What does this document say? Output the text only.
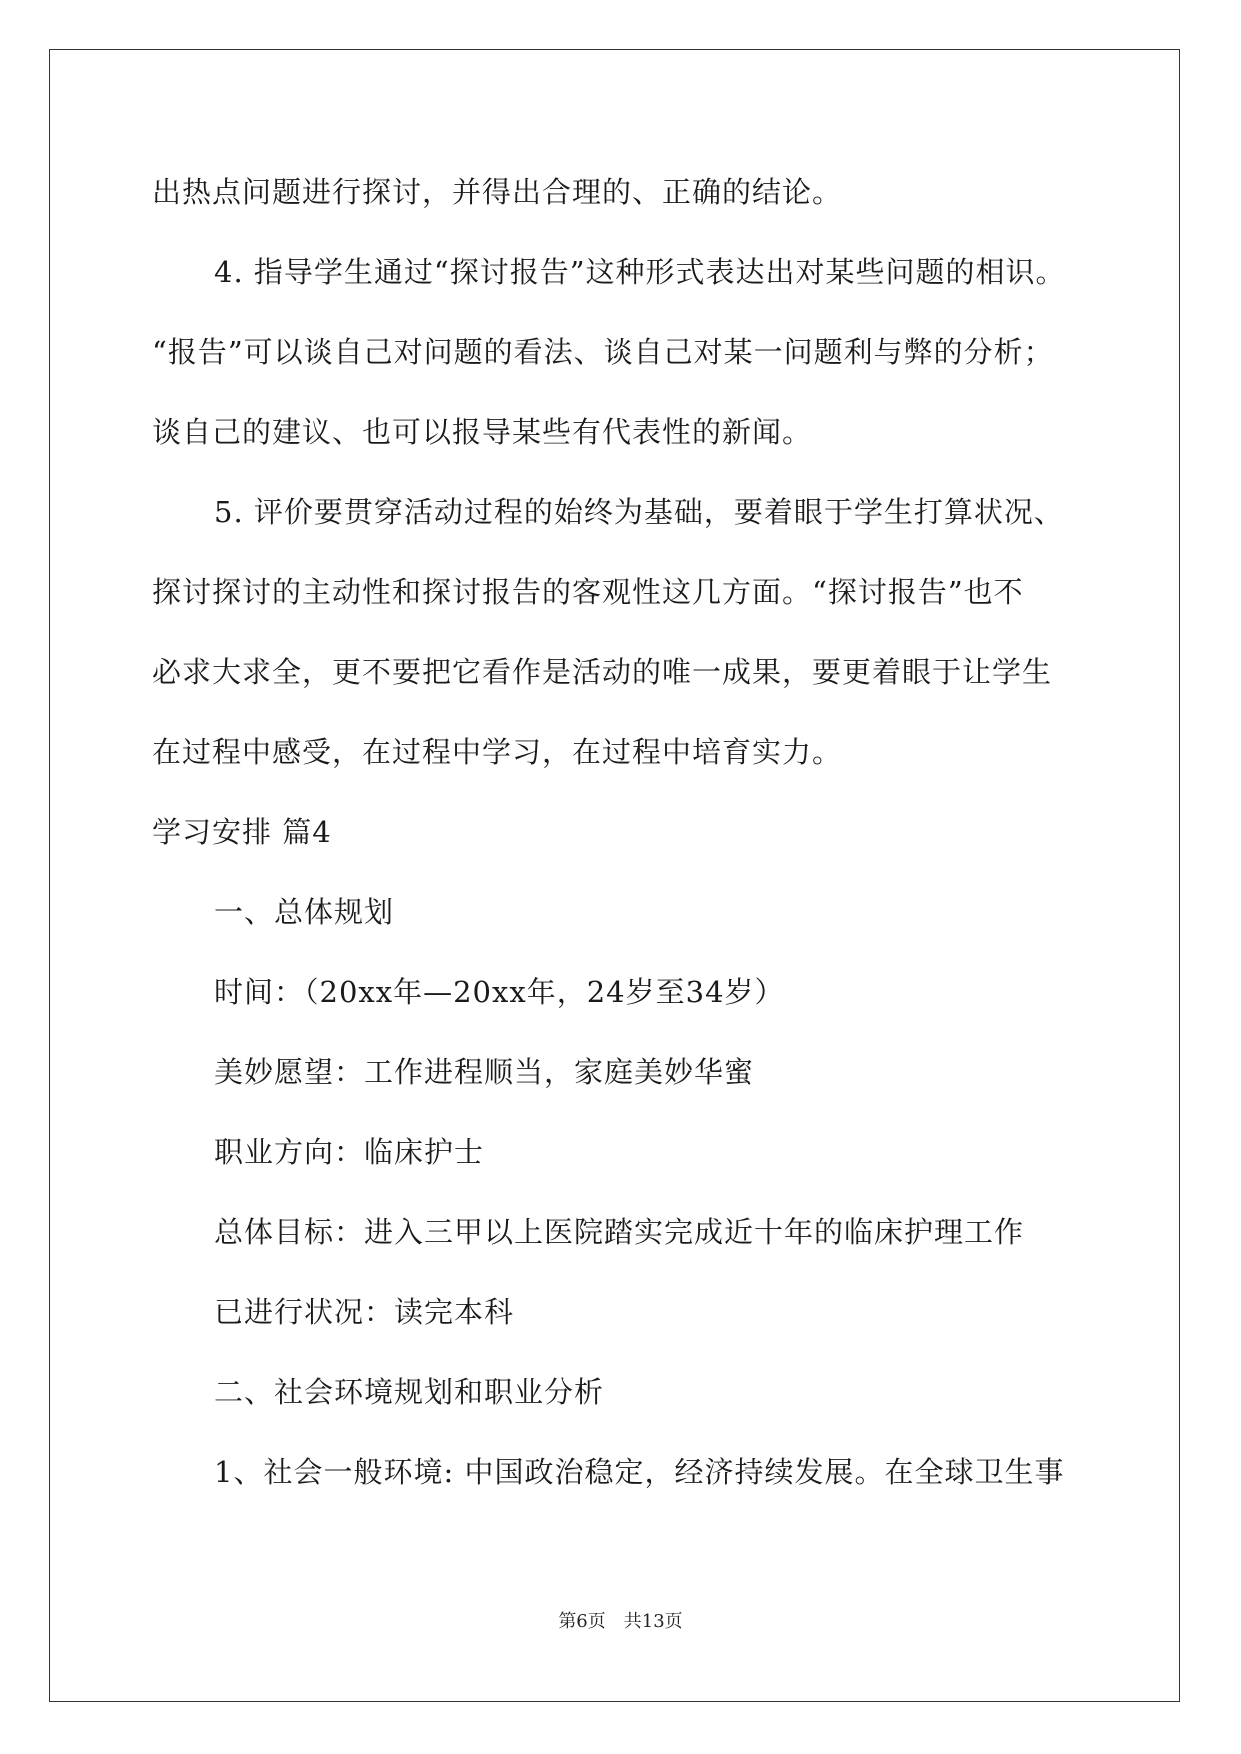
出热点问题进行探讨，并得出合理的、正确的结论。
4. 指导学生通过“探讨报告”这种形式表达出对某些问题的相识。
“报告”可以谈自己对问题的看法、谈自己对某一问题利与弊的分析；
谈自己的建议、也可以报导某些有代表性的新闻。
5. 评价要贯穿活动过程的始终为基础，要着眼于学生打算状况、
探讨探讨的主动性和探讨报告的客观性这几方面。“探讨报告”也不
必求大求全，更不要把它看作是活动的唯一成果，要更着眼于让学生
在过程中感受，在过程中学习，在过程中培育实力。
学习安排 篇4
一、总体规划
时间：（20xx年—20xx年，24岁至34岁）
美妙愿望：工作进程顺当，家庭美妙华蜜
职业方向：临床护士
总体目标：进入三甲以上医院踏实完成近十年的临床护理工作
已进行状况：读完本科
二、社会环境规划和职业分析
1、社会一般环境: 中国政治稳定，经济持续发展。在全球卫生事
第6页　共13页
